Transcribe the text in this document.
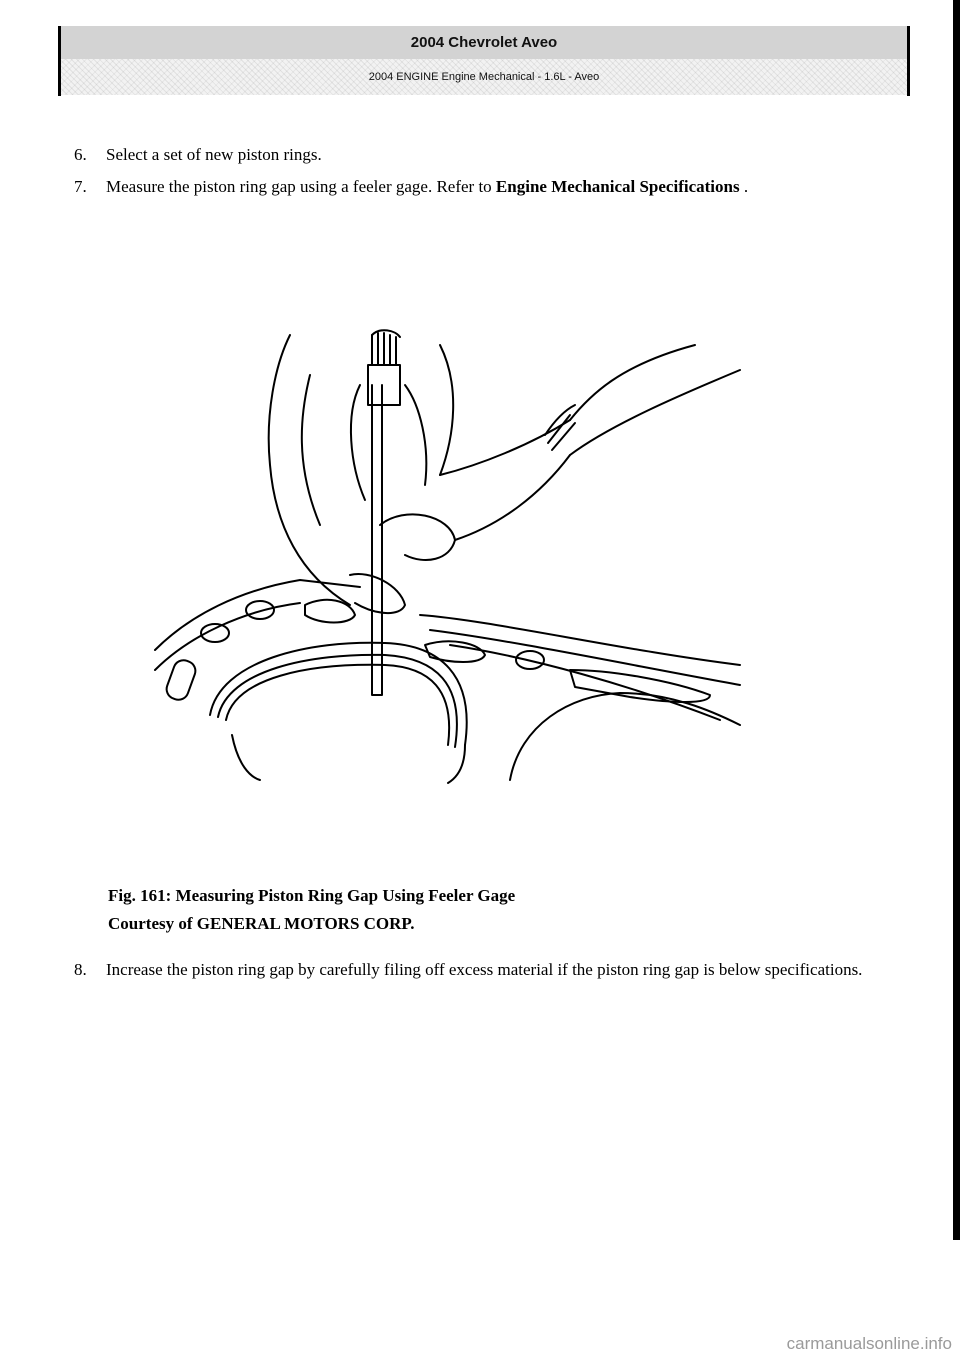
2004 Chevrolet Aveo
2004 ENGINE Engine Mechanical - 1.6L - Aveo
6. Select a set of new piston rings.
7. Measure the piston ring gap using a feeler gage. Refer to Engine Mechanical Specifications .
Fig. 161: Measuring Piston Ring Gap Using Feeler Gage
Courtesy of GENERAL MOTORS CORP.
8. Increase the piston ring gap by carefully filing off excess material if the piston ring gap is below specifications.
carmanualsonline.info
